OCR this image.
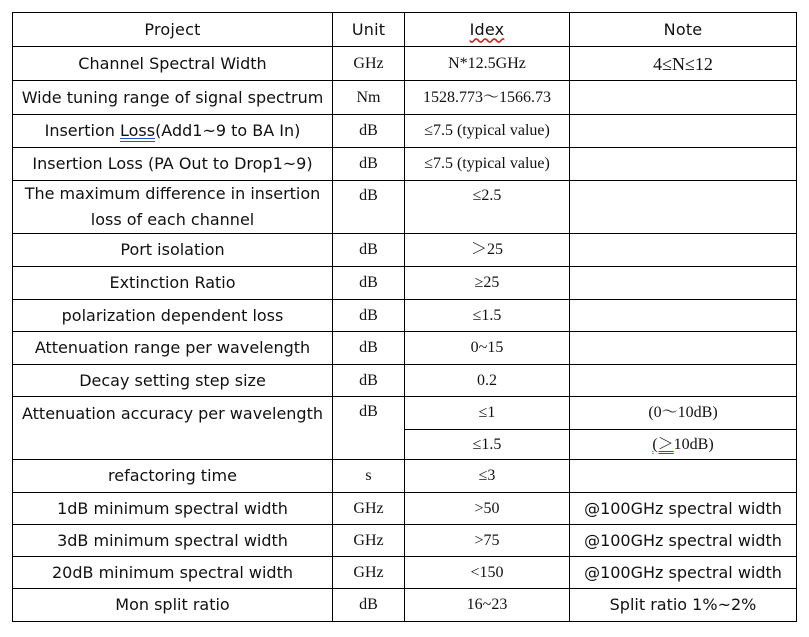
Project	Unit	Idex	Note
Channel Spectral Width	GHz	N*12.5GHz	4≤N≤12
Wide tuning range of signal spectrum	Nm	1528.773～1566.73	
Insertion Loss(Add1~9 to BA In)	dB	≤7.5 (typical value)	
Insertion Loss (PA Out to Drop1~9)	dB	≤7.5 (typical value)	
The maximum difference in insertion loss of each channel	dB	≤2.5	
Port isolation	dB	＞25	
Extinction Ratio	dB	≥25	
polarization dependent loss	dB	≤1.5	
Attenuation range per wavelength	dB	0~15	
Decay setting step size	dB	0.2	
Attenuation accuracy per wavelength	dB	≤1	(0～10dB)
		≤1.5	(＞10dB)
refactoring time	s	≤3	
1dB minimum spectral width	GHz	>50	@100GHz spectral width
3dB minimum spectral width	GHz	>75	@100GHz spectral width
20dB minimum spectral width	GHz	<150	@100GHz spectral width
Mon split ratio	dB	16~23	Split ratio 1%~2%
